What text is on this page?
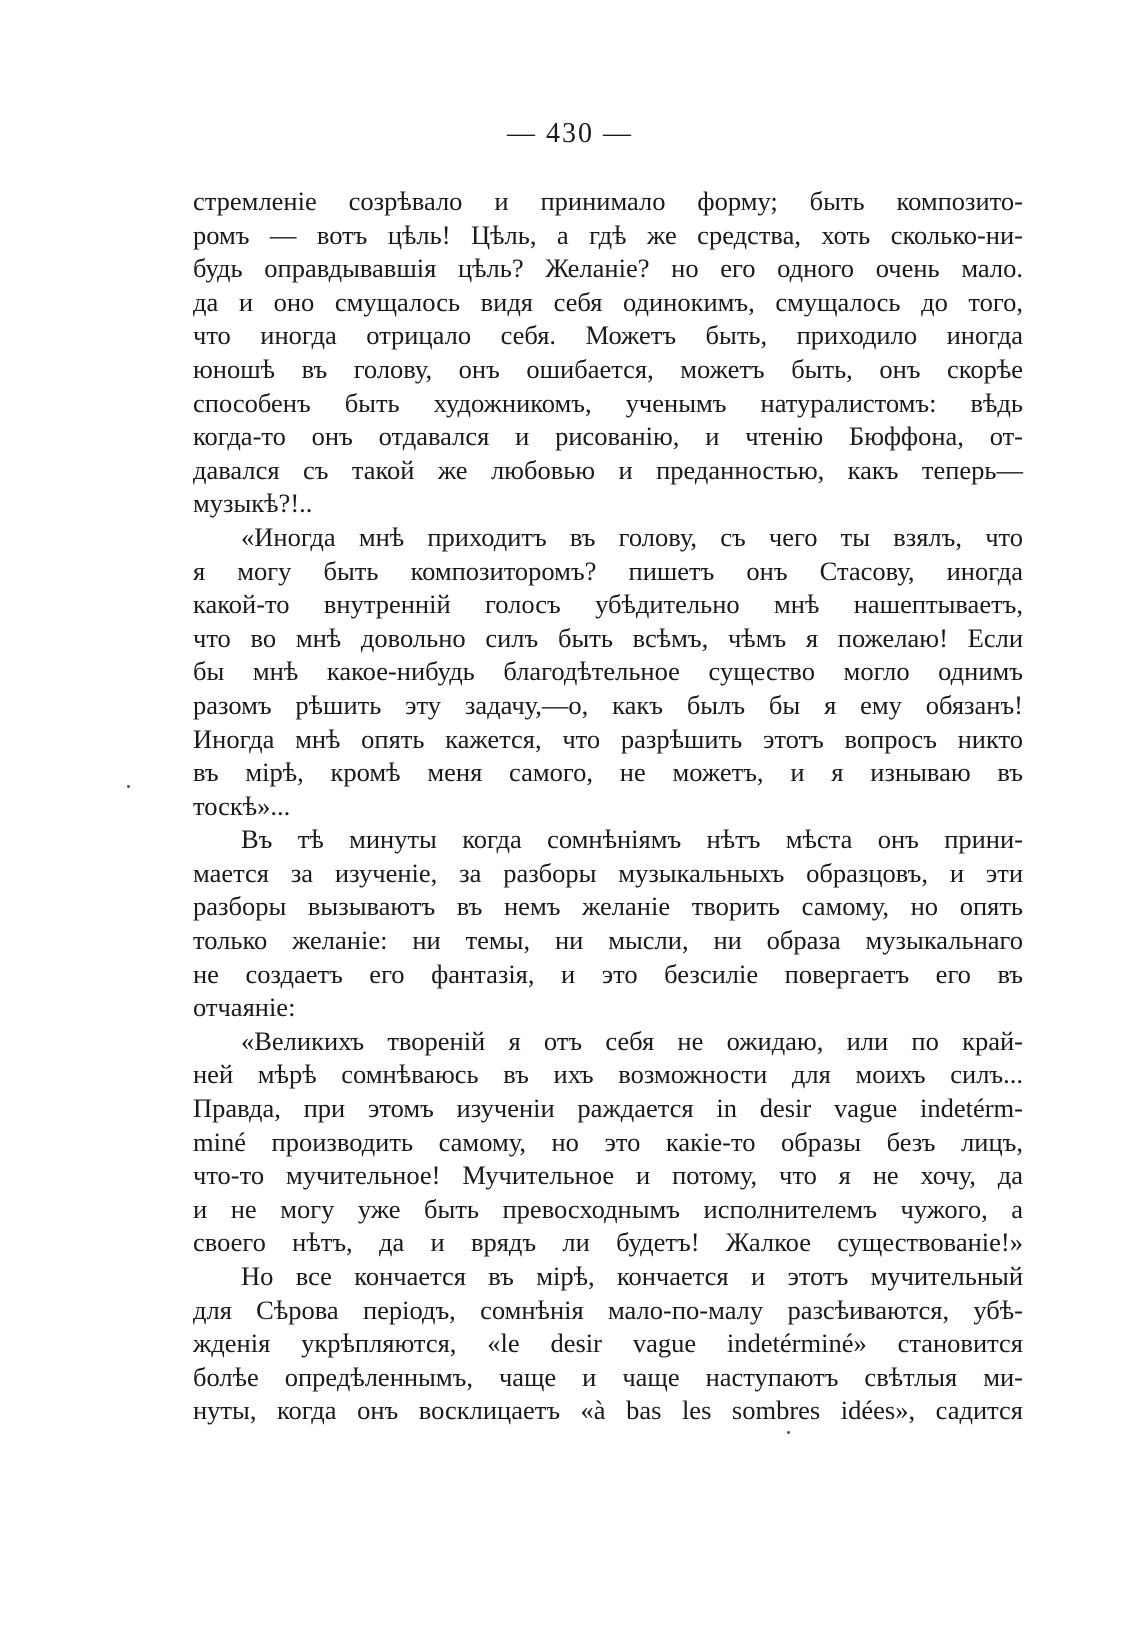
— 430 —
стремленіе созрѣвало и принимало форму; быть композито-
ромъ — вотъ цѣль! Цѣль, а гдѣ же средства, хоть сколько-ни-
будь оправдывавшія цѣль? Желаніе? но его одного очень мало.
да и оно смущалось видя себя одинокимъ, смущалось до того,
что иногда отрицало себя. Можетъ быть, приходило иногда
юношѣ въ голову, онъ ошибается, можетъ быть, онъ скорѣе
способенъ быть художникомъ, ученымъ натуралистомъ: вѣдь
когда-то онъ отдавался и рисованію, и чтенію Бюффона, от-
давался съ такой же любовью и преданностью, какъ теперь—
музыкѣ?!..
«Иногда мнѣ приходитъ въ голову, съ чего ты взялъ, что
я могу быть композиторомъ? пишетъ онъ Стасову, иногда
какой-то внутренній голосъ убѣдительно мнѣ нашептываетъ,
что во мнѣ довольно силъ быть всѣмъ, чѣмъ я пожелаю! Если
бы мнѣ какое-нибудь благодѣтельное существо могло однимъ
разомъ рѣшить эту задачу,—о, какъ былъ бы я ему обязанъ!
Иногда мнѣ опять кажется, что разрѣшить этотъ вопросъ никто
въ мірѣ, кромѣ меня самого, не можетъ, и я изнываю въ
тоскѣ»...
Въ тѣ минуты когда сомнѣніямъ нѣтъ мѣста онъ прини-
мается за изученіе, за разборы музыкальныхъ образцовъ, и эти
разборы вызываютъ въ немъ желаніе творить самому, но опять
только желаніе: ни темы, ни мысли, ни образа музыкальнаго
не создаетъ его фантазія, и это безсиліе повергаетъ его въ
отчаяніе:
«Великихъ твореній я отъ себя не ожидаю, или по край-
ней мѣрѣ сомнѣваюсь въ ихъ возможности для моихъ силъ...
Правда, при этомъ изученіи раждается in desir vague indetérm-
miné производить самому, но это какіе-то образы безъ лицъ,
что-то мучительное! Мучительное и потому, что я не хочу, да
и не могу уже быть превосходнымъ исполнителемъ чужого, а
своего нѣтъ, да и врядъ ли будетъ! Жалкое существованіе!»
Но все кончается въ мірѣ, кончается и этотъ мучительный
для Сѣрова періодъ, сомнѣнія мало-по-малу разсѣиваются, убѣ-
жденія укрѣпляются, «le desir vague indetérminé» становится
болѣе опредѣленнымъ, чаще и чаще наступаютъ свѣтлыя ми-
нуты, когда онъ восклицаетъ «à bas les sombres idées», садится
